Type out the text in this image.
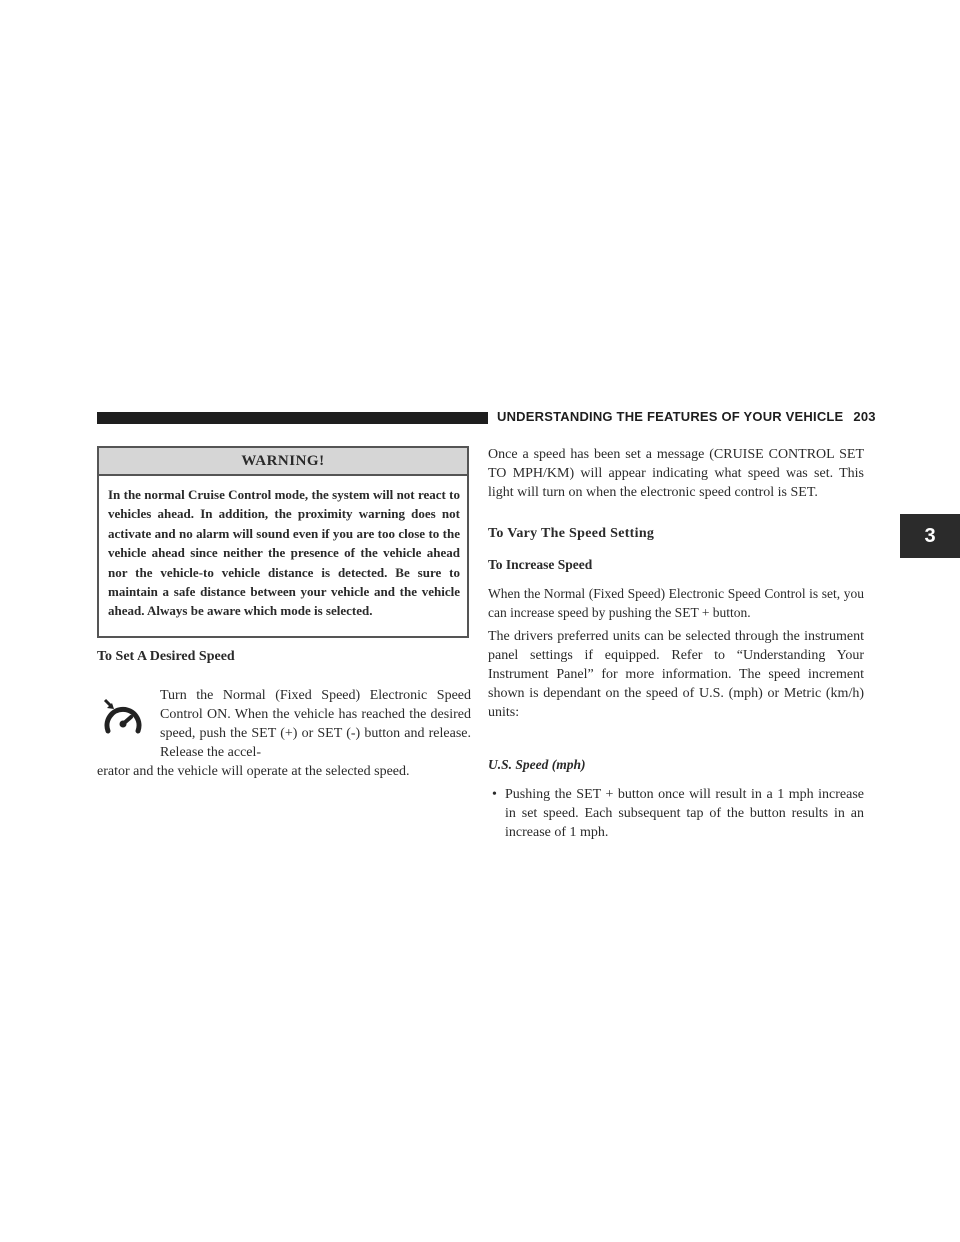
UNDERSTANDING THE FEATURES OF YOUR VEHICLE 203
3
WARNING!
In the normal Cruise Control mode, the system will not react to vehicles ahead. In addition, the proximity warning does not activate and no alarm will sound even if you are too close to the vehicle ahead since neither the presence of the vehicle ahead nor the vehicle-to vehicle distance is detected. Be sure to maintain a safe distance between your vehicle and the vehicle ahead. Always be aware which mode is selected.
To Set A Desired Speed

Turn the Normal (Fixed Speed) Electronic Speed Control ON. When the vehicle has reached the desired speed, push the SET (+) or SET (-) button and release. Release the accel-

erator and the vehicle will operate at the selected speed.

Once a speed has been set a message (CRUISE CONTROL SET TO MPH/KM) will appear indicating what speed was set. This light will turn on when the electronic speed control is SET.

To Vary The Speed Setting
To Increase Speed

When the Normal (Fixed Speed) Electronic Speed Control is set, you can increase speed by pushing the SET + button.

The drivers preferred units can be selected through the instrument panel settings if equipped. Refer to “Understanding Your Instrument Panel” for more information. The speed increment shown is dependant on the speed of U.S. (mph) or Metric (km/h) units:

U.S. Speed (mph)
• Pushing the SET + button once will result in a 1 mph increase in set speed. Each subsequent tap of the button results in an increase of 1 mph.
